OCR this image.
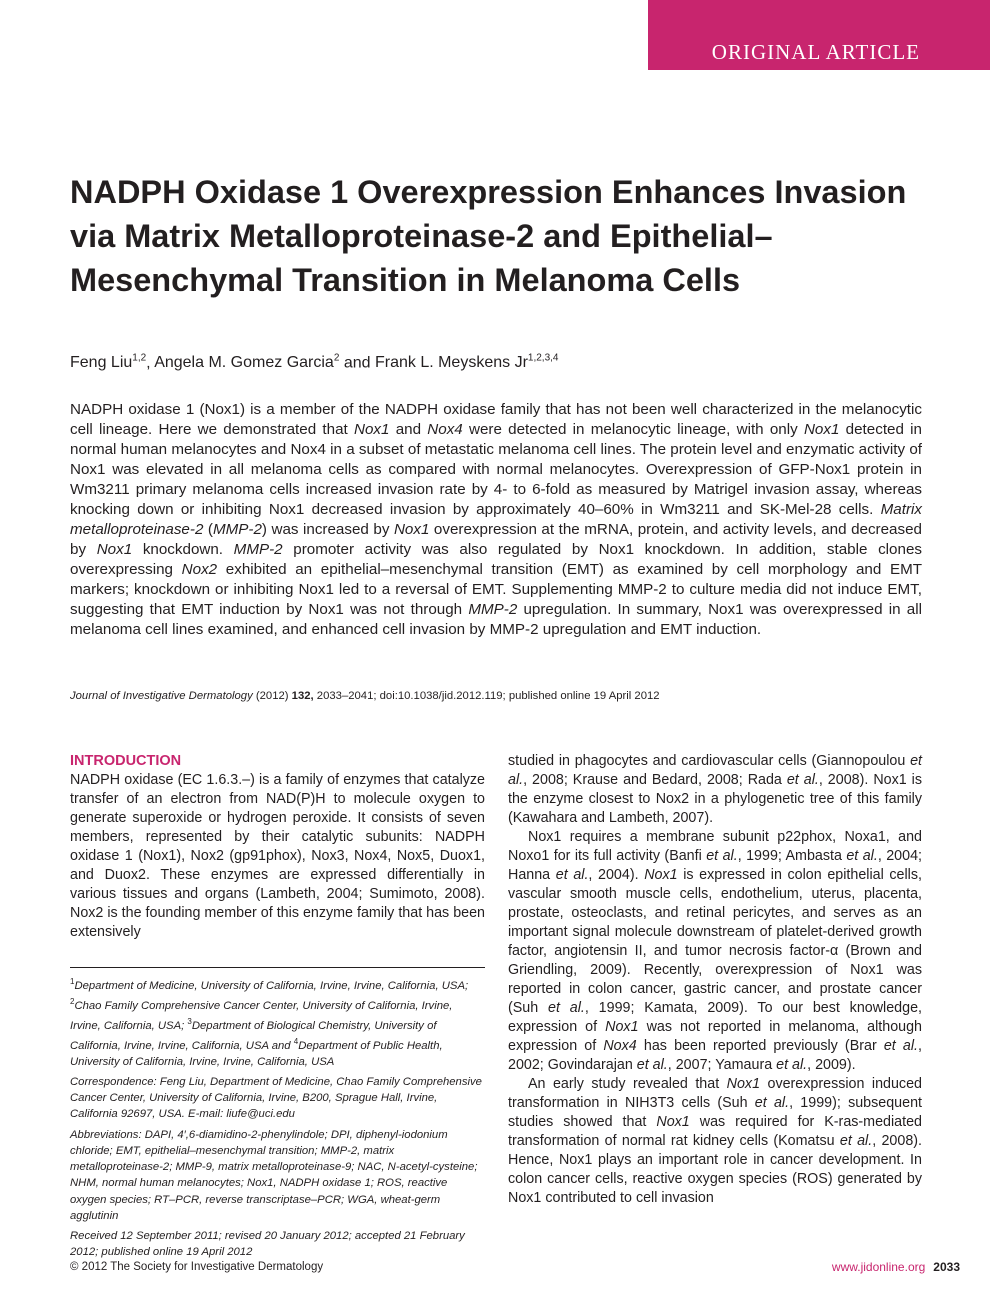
ORIGINAL ARTICLE
NADPH Oxidase 1 Overexpression Enhances Invasion via Matrix Metalloproteinase-2 and Epithelial–Mesenchymal Transition in Melanoma Cells
Feng Liu$^{1,2}$, Angela M. Gomez Garcia$^2$ and Frank L. Meyskens Jr$^{1,2,3,4}$

NADPH oxidase 1 (Nox1) is a member of the NADPH oxidase family that has not been well characterized in the melanocytic cell lineage. Here we demonstrated that Nox1 and Nox4 were detected in melanocytic lineage, with only Nox1 detected in normal human melanocytes and Nox4 in a subset of metastatic melanoma cell lines. The protein level and enzymatic activity of Nox1 was elevated in all melanoma cells as compared with normal melanocytes. Overexpression of GFP-Nox1 protein in Wm3211 primary melanoma cells increased invasion rate by 4- to 6-fold as measured by Matrigel invasion assay, whereas knocking down or inhibiting Nox1 decreased invasion by approximately 40–60% in Wm3211 and SK-Mel-28 cells. Matrix metalloproteinase-2 (MMP-2) was increased by Nox1 overexpression at the mRNA, protein, and activity levels, and decreased by Nox1 knockdown. MMP-2 promoter activity was also regulated by Nox1 knockdown. In addition, stable clones overexpressing Nox2 exhibited an epithelial–mesenchymal transition (EMT) as examined by cell morphology and EMT markers; knockdown or inhibiting Nox1 led to a reversal of EMT. Supplementing MMP-2 to culture media did not induce EMT, suggesting that EMT induction by Nox1 was not through MMP-2 upregulation. In summary, Nox1 was overexpressed in all melanoma cell lines examined, and enhanced cell invasion by MMP-2 upregulation and EMT induction.

Journal of Investigative Dermatology (2012) 132, 2033–2041; doi:10.1038/jid.2012.119; published online 19 April 2012
INTRODUCTION

NADPH oxidase (EC 1.6.3.–) is a family of enzymes that catalyze transfer of an electron from NAD(P)H to molecule oxygen to generate superoxide or hydrogen peroxide. It consists of seven members, represented by their catalytic subunits: NADPH oxidase 1 (Nox1), Nox2 (gp91phox), Nox3, Nox4, Nox5, Duox1, and Duox2. These enzymes are expressed differentially in various tissues and organs (Lambeth, 2004; Sumimoto, 2008). Nox2 is the founding member of this enzyme family that has been extensively

$^1$Department of Medicine, University of California, Irvine, Irvine, California, USA; $^2$Chao Family Comprehensive Cancer Center, University of California, Irvine, Irvine, California, USA; $^3$Department of Biological Chemistry, University of California, Irvine, Irvine, California, USA and $^4$Department of Public Health, University of California, Irvine, Irvine, California, USA

Correspondence: Feng Liu, Department of Medicine, Chao Family Comprehensive Cancer Center, University of California, Irvine, B200, Sprague Hall, Irvine, California 92697, USA. E-mail: liufe@uci.edu

Abbreviations: DAPI, 4′,6-diamidino-2-phenylindole; DPI, diphenyl-iodonium chloride; EMT, epithelial–mesenchymal transition; MMP-2, matrix metalloproteinase-2; MMP-9, matrix metalloproteinase-9; NAC, N-acetyl-cysteine; NHM, normal human melanocytes; Nox1, NADPH oxidase 1; ROS, reactive oxygen species; RT–PCR, reverse transcriptase–PCR; WGA, wheat-germ agglutinin

Received 12 September 2011; revised 20 January 2012; accepted 21 February 2012; published online 19 April 2012

studied in phagocytes and cardiovascular cells (Giannopoulou et al., 2008; Krause and Bedard, 2008; Rada et al., 2008). Nox1 is the enzyme closest to Nox2 in a phylogenetic tree of this family (Kawahara and Lambeth, 2007).

Nox1 requires a membrane subunit p22phox, Noxa1, and Noxo1 for its full activity (Banfi et al., 1999; Ambasta et al., 2004; Hanna et al., 2004). Nox1 is expressed in colon epithelial cells, vascular smooth muscle cells, endothelium, uterus, placenta, prostate, osteoclasts, and retinal pericytes, and serves as an important signal molecule downstream of platelet-derived growth factor, angiotensin II, and tumor necrosis factor-α (Brown and Griendling, 2009). Recently, overexpression of Nox1 was reported in colon cancer, gastric cancer, and prostate cancer (Suh et al., 1999; Kamata, 2009). To our best knowledge, expression of Nox1 was not reported in melanoma, although expression of Nox4 has been reported previously (Brar et al., 2002; Govindarajan et al., 2007; Yamaura et al., 2009).

An early study revealed that Nox1 overexpression induced transformation in NIH3T3 cells (Suh et al., 1999); subsequent studies showed that Nox1 was required for K-ras-mediated transformation of normal rat kidney cells (Komatsu et al., 2008). Hence, Nox1 plays an important role in cancer development. In colon cancer cells, reactive oxygen species (ROS) generated by Nox1 contributed to cell invasion

© 2012 The Society for Investigative Dermatology	www.jidonline.org 2033
